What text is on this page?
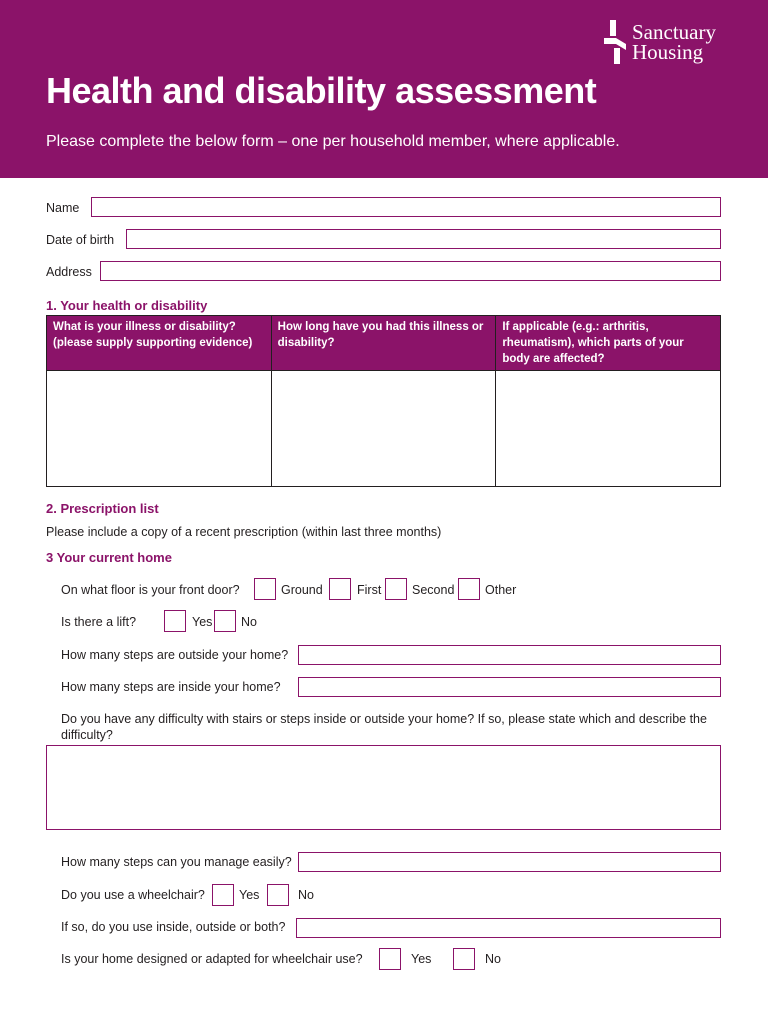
Sanctuary
Housing
Health and disability assessment
Please complete the below form – one per household member, where applicable.
Name
Date of birth
Address
1. Your health or disability
What is your illness or disability? (please supply supporting evidence)	How long have you had this illness or disability?	If applicable (e.g.: arthritis, rheumatism), which parts of your body are affected?

2. Prescription list
Please include a copy of a recent prescription (within last three months)
3 Your current home
On what floor is your front door?	Ground	First Second Other
Is there a lift?	Yes No
How many steps are outside your home?
How many steps are inside your home?
Do you have any difficulty with stairs or steps inside or outside your home? If so, please state which and describe the difficulty?
How many steps can you manage easily?
Do you use a wheelchair?	Yes	No
If so, do you use inside, outside or both?
Is your home designed or adapted for wheelchair use?	Yes	No
